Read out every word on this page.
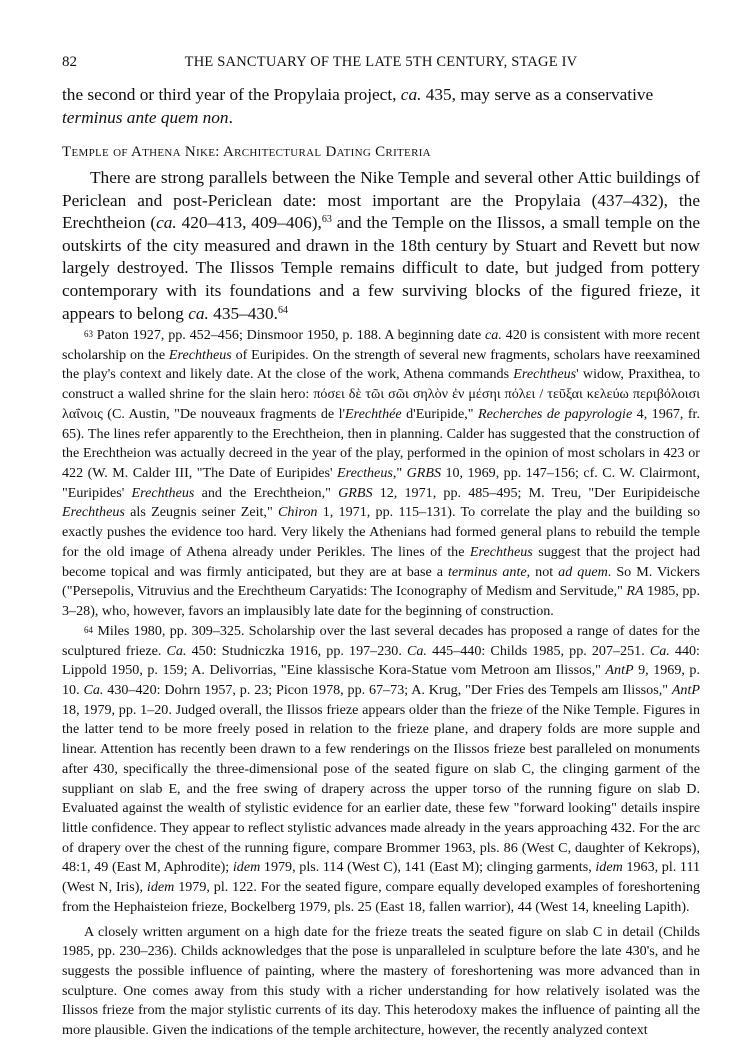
82	THE SANCTUARY OF THE LATE 5TH CENTURY, STAGE IV

the second or third year of the Propylaia project, ca. 435, may serve as a conservative terminus ante quem non.

Temple of Athena Nike: Architectural Dating Criteria

There are strong parallels between the Nike Temple and several other Attic buildings of Periclean and post-Periclean date: most important are the Propylaia (437–432), the Erechtheion (ca. 420–413, 409–406),$^{63}$ and the Temple on the Ilissos, a small temple on the outskirts of the city measured and drawn in the 18th century by Stuart and Revett but now largely destroyed. The Ilissos Temple remains difficult to date, but judged from pottery contemporary with its foundations and a few surviving blocks of the figured frieze, it appears to belong ca. 435–430.64

$^{63}$ Paton 1927, pp. 452–456; Dinsmoor 1950, p. 188. A beginning date ca. 420 is consistent with more recent scholarship on the Erechtheus of Euripides. On the strength of several new fragments, scholars have reexamined the play's context and likely date. At the close of the work, Athena commands Erechtheus' widow, Praxithea, to construct a walled shrine for the slain hero: πόσει δὲ τῶι σῶι σηλὸν ἐν μέσηι πόλει / τεῦξαι κελεύω περιβόλοισι λαΐνοις (C. Austin, "De nouveaux fragments de l'Erechthée d'Euripide," Recherches de papyrologie 4, 1967, fr. 65). The lines refer apparently to the Erechtheion, then in planning. Calder has suggested that the construction of the Erechtheion was actually decreed in the year of the play, performed in the opinion of most scholars in 423 or 422 (W. M. Calder III, "The Date of Euripides' Erectheus," GRBS 10, 1969, pp. 147–156; cf. C. W. Clairmont, "Euripides' Erechtheus and the Erechtheion," GRBS 12, 1971, pp. 485–495; M. Treu, "Der Euripideische Erechtheus als Zeugnis seiner Zeit," Chiron 1, 1971, pp. 115–131). To correlate the play and the building so exactly pushes the evidence too hard. Very likely the Athenians had formed general plans to rebuild the temple for the old image of Athena already under Perikles. The lines of the Erechtheus suggest that the project had become topical and was firmly anticipated, but they are at base a terminus ante, not ad quem. So M. Vickers ("Persepolis, Vitruvius and the Erechtheum Caryatids: The Iconography of Medism and Servitude," RA 1985, pp. 3–28), who, however, favors an implausibly late date for the beginning of construction.

$^{64}$ Miles 1980, pp. 309–325. Scholarship over the last several decades has proposed a range of dates for the sculptured frieze. Ca. 450: Studniczka 1916, pp. 197–230. Ca. 445–440: Childs 1985, pp. 207–251. Ca. 440: Lippold 1950, p. 159; A. Delivorrias, "Eine klassische Kora-Statue vom Metroon am Ilissos," AntP 9, 1969, p. 10. Ca. 430–420: Dohrn 1957, p. 23; Picon 1978, pp. 67–73; A. Krug, "Der Fries des Tempels am Ilissos," AntP 18, 1979, pp. 1–20. Judged overall, the Ilissos frieze appears older than the frieze of the Nike Temple. Figures in the latter tend to be more freely posed in relation to the frieze plane, and drapery folds are more supple and linear. Attention has recently been drawn to a few renderings on the Ilissos frieze best paralleled on monuments after 430, specifically the three-dimensional pose of the seated figure on slab C, the clinging garment of the suppliant on slab E, and the free swing of drapery across the upper torso of the running figure on slab D. Evaluated against the wealth of stylistic evidence for an earlier date, these few "forward looking" details inspire little confidence. They appear to reflect stylistic advances made already in the years approaching 432. For the arc of drapery over the chest of the running figure, compare Brommer 1963, pls. 86 (West C, daughter of Kekrops), 48:1, 49 (East M, Aphrodite); idem 1979, pls. 114 (West C), 141 (East M); clinging garments, idem 1963, pl. 111 (West N, Iris), idem 1979, pl. 122. For the seated figure, compare equally developed examples of foreshortening from the Hephaisteion frieze, Bockelberg 1979, pls. 25 (East 18, fallen warrior), 44 (West 14, kneeling Lapith).

A closely written argument on a high date for the frieze treats the seated figure on slab C in detail (Childs 1985, pp. 230–236). Childs acknowledges that the pose is unparalleled in sculpture before the late 430's, and he suggests the possible influence of painting, where the mastery of foreshortening was more advanced than in sculpture. One comes away from this study with a richer understanding for how relatively isolated was the Ilissos frieze from the major stylistic currents of its day. This heterodoxy makes the influence of painting all the more plausible. Given the indications of the temple architecture, however, the recently analyzed context
